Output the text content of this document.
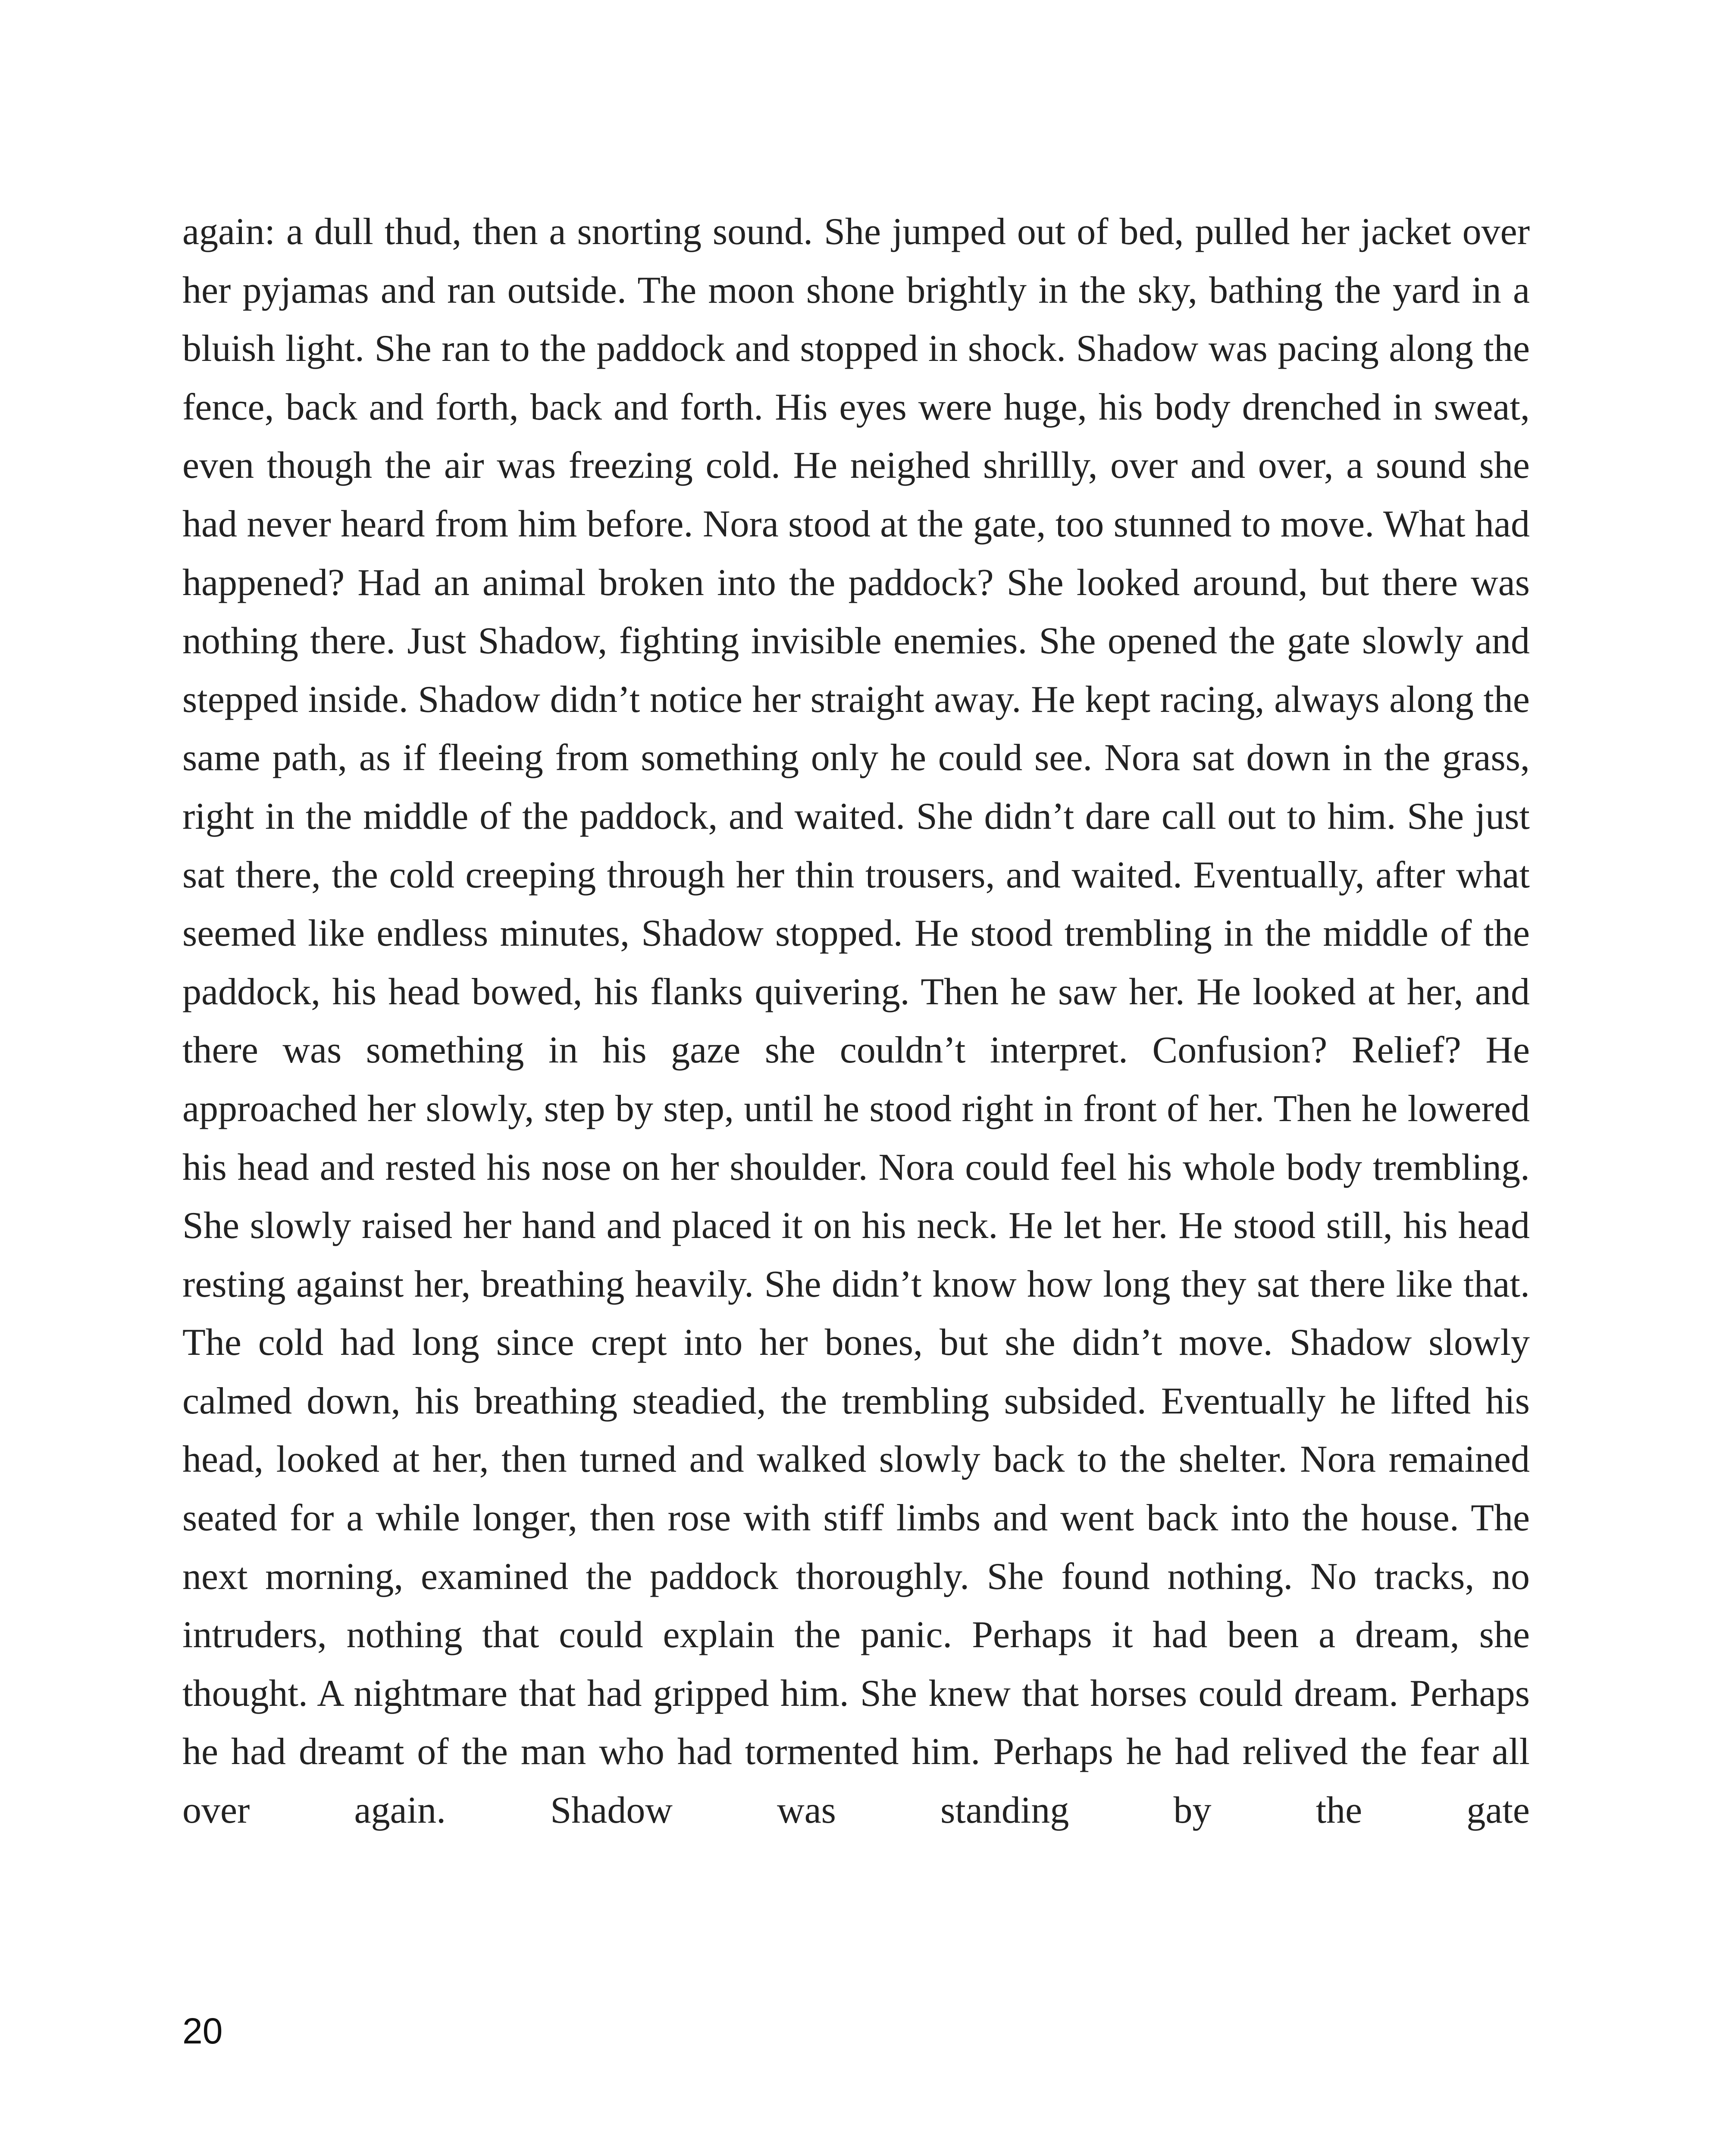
again: a dull thud, then a snorting sound. She jumped out of bed, pulled her jacket over her pyjamas and ran outside. The moon shone brightly in the sky, bathing the yard in a bluish light. She ran to the paddock and stopped in shock. Shadow was pacing along the fence, back and forth, back and forth. His eyes were huge, his body drenched in sweat, even though the air was freezing cold. He neighed shrillly, over and over, a sound she had never heard from him before. Nora stood at the gate, too stunned to move. What had happened? Had an animal broken into the paddock? She looked around, but there was nothing there. Just Shadow, fighting invisible enemies. She opened the gate slowly and stepped inside. Shadow didn’t notice her straight away. He kept racing, always along the same path, as if fleeing from something only he could see. Nora sat down in the grass, right in the middle of the paddock, and waited. She didn’t dare call out to him. She just sat there, the cold creeping through her thin trousers, and waited. Eventually, after what seemed like endless minutes, Shadow stopped. He stood trembling in the middle of the paddock, his head bowed, his flanks quivering. Then he saw her. He looked at her, and there was something in his gaze she couldn’t interpret. Confusion? Relief? He approached her slowly, step by step, until he stood right in front of her. Then he lowered his head and rested his nose on her shoulder. Nora could feel his whole body trembling. She slowly raised her hand and placed it on his neck. He let her. He stood still, his head resting against her, breathing heavily. She didn’t know how long they sat there like that. The cold had long since crept into her bones, but she didn’t move. Shadow slowly calmed down, his breathing steadied, the trembling subsided. Eventually he lifted his head, looked at her, then turned and walked slowly back to the shelter. Nora remained seated for a while longer, then rose with stiff limbs and went back into the house. The next morning, examined the paddock thoroughly. She found nothing. No tracks, no intruders, nothing that could explain the panic. Perhaps it had been a dream, she thought. A nightmare that had gripped him. She knew that horses could dream. Perhaps he had dreamt of the man who had tormented him. Perhaps he had relived the fear all over again. Shadow was standing by the gate

20
